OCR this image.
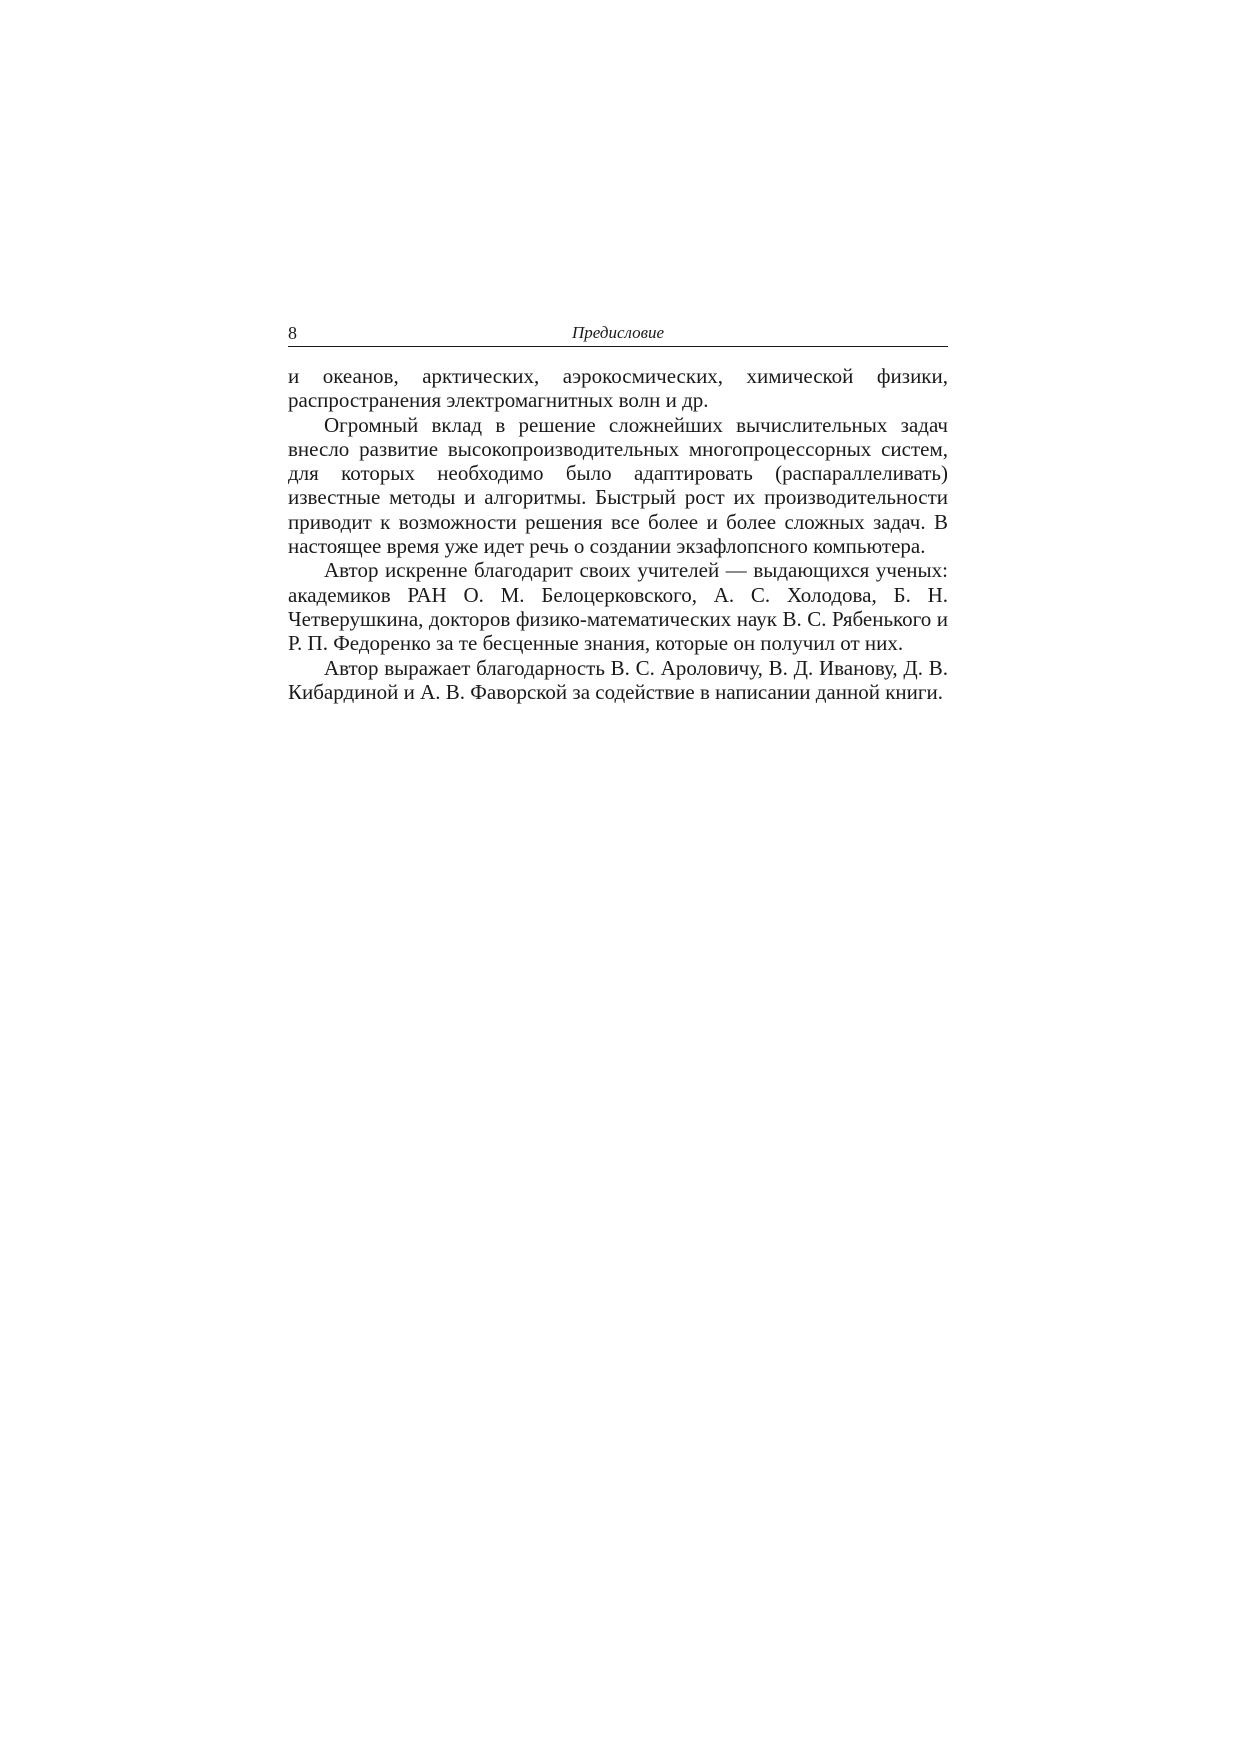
8	Предисловие

и океанов, арктических, аэрокосмических, химической физики, распространения электромагнитных волн и др.

Огромный вклад в решение сложнейших вычислительных задач внесло развитие высокопроизводительных многопроцессорных систем, для которых необходимо было адаптировать (распараллеливать) известные методы и алгоритмы. Быстрый рост их производительности приводит к возможности решения все более и более сложных задач. В настоящее время уже идет речь о создании экзафлопсного компьютера.

Автор искренне благодарит своих учителей — выдающихся ученых: академиков РАН О. М. Белоцерковского, А. С. Холодова, Б. Н. Четверушкина, докторов физико-математических наук В. С. Рябенького и Р. П. Федоренко за те бесценные знания, которые он получил от них.

Автор выражает благодарность В. С. Ароловичу, В. Д. Иванову, Д. В. Кибардиной и А. В. Фаворской за содействие в написании данной книги.
